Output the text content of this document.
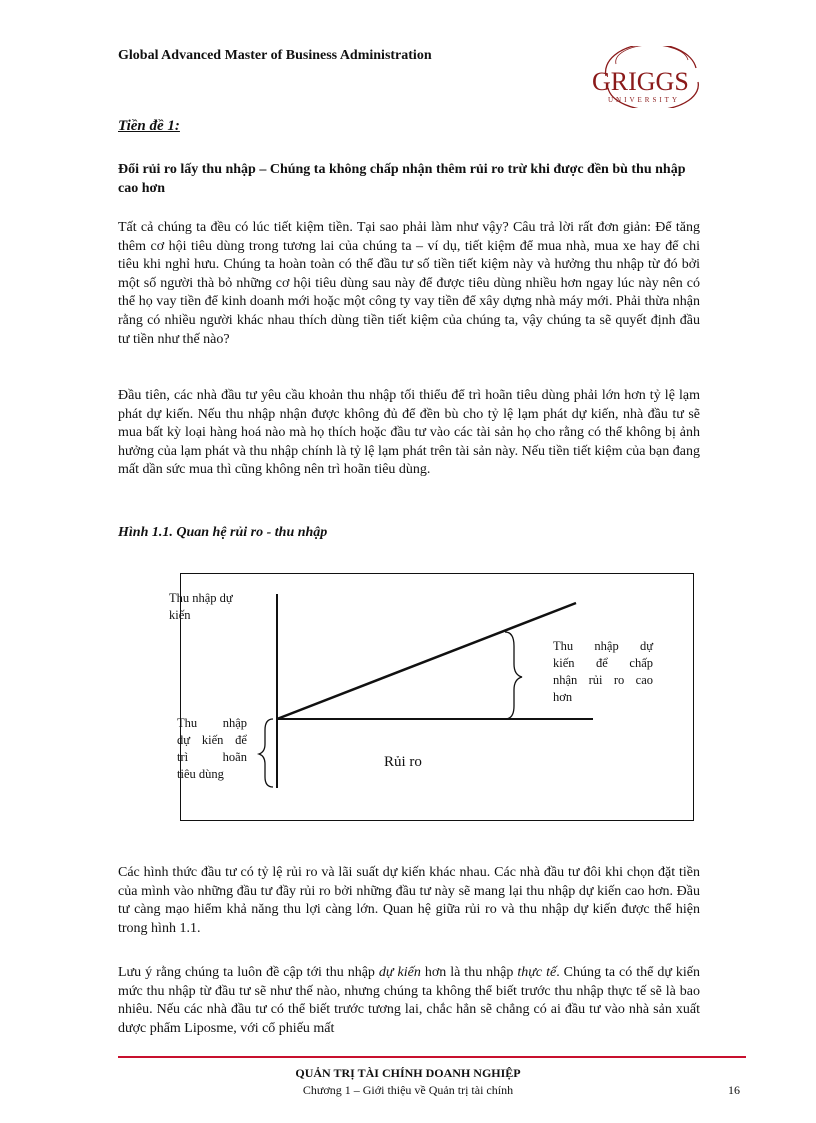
Global Advanced Master of Business Administration
GRIGGS
UNIVERSITY
Tiền đề 1:
Đổi rủi ro lấy thu nhập – Chúng ta không chấp nhận thêm rủi ro trừ khi được đền bù thu nhập cao hơn
Tất cả chúng ta đều có lúc tiết kiệm tiền. Tại sao phải làm như vậy? Câu trả lời rất đơn giản: Để tăng thêm cơ hội tiêu dùng trong tương lai của chúng ta – ví dụ, tiết kiệm để mua nhà, mua xe hay để chi tiêu khi nghỉ hưu. Chúng ta hoàn toàn có thể đầu tư số tiền tiết kiệm này và hưởng thu nhập từ đó bởi một số người thà bỏ những cơ hội tiêu dùng sau này để được tiêu dùng nhiều hơn ngay lúc này nên có thể họ vay tiền để kinh doanh mới hoặc một công ty vay tiền để xây dựng nhà máy mới. Phải thừa nhận rằng có nhiều người khác nhau thích dùng tiền tiết kiệm của chúng ta, vậy chúng ta sẽ quyết định đầu tư tiền như thế nào?
Đầu tiên, các nhà đầu tư yêu cầu khoản thu nhập tối thiểu để trì hoãn tiêu dùng phải lớn hơn tỷ lệ lạm phát dự kiến. Nếu thu nhập nhận được không đủ để đền bù cho tỷ lệ lạm phát dự kiến, nhà đầu tư sẽ mua bất kỳ loại hàng hoá nào mà họ thích hoặc đầu tư vào các tài sản họ cho rằng có thể không bị ảnh hưởng của lạm phát và thu nhập chính là tỷ lệ lạm phát trên tài sản này. Nếu tiền tiết kiệm của bạn đang mất dần sức mua thì cũng không nên trì hoãn tiêu dùng.
Hình 1.1. Quan hệ rủi ro - thu nhập
Thu nhập dự
kiến
Thu nhập dự
kiến để chấp
nhận rủi ro cao
hơn
Thu nhập
dự kiến để
trì hoãn
tiêu dùng
Rủi ro
Các hình thức đầu tư có tỷ lệ rủi ro và lãi suất dự kiến khác nhau. Các nhà đầu tư đôi khi chọn đặt tiền của mình vào những đầu tư đầy rủi ro bởi những đầu tư này sẽ mang lại thu nhập dự kiến cao hơn. Đầu tư càng mạo hiểm khả năng thu lợi càng lớn. Quan hệ giữa rủi ro và thu nhập dự kiến được thể hiện trong hình 1.1.
Lưu ý rằng chúng ta luôn đề cập tới thu nhập dự kiến hơn là thu nhập thực tế. Chúng ta có thể dự kiến mức thu nhập từ đầu tư sẽ như thế nào, nhưng chúng ta không thể biết trước thu nhập thực tế sẽ là bao nhiêu. Nếu các nhà đầu tư có thể biết trước tương lai, chắc hẳn sẽ chẳng có ai đầu tư vào nhà sản xuất dược phẩm Liposme, với cổ phiếu mất
QUẢN TRỊ TÀI CHÍNH DOANH NGHIỆP
Chương 1 – Giới thiệu về Quản trị tài chính	16
